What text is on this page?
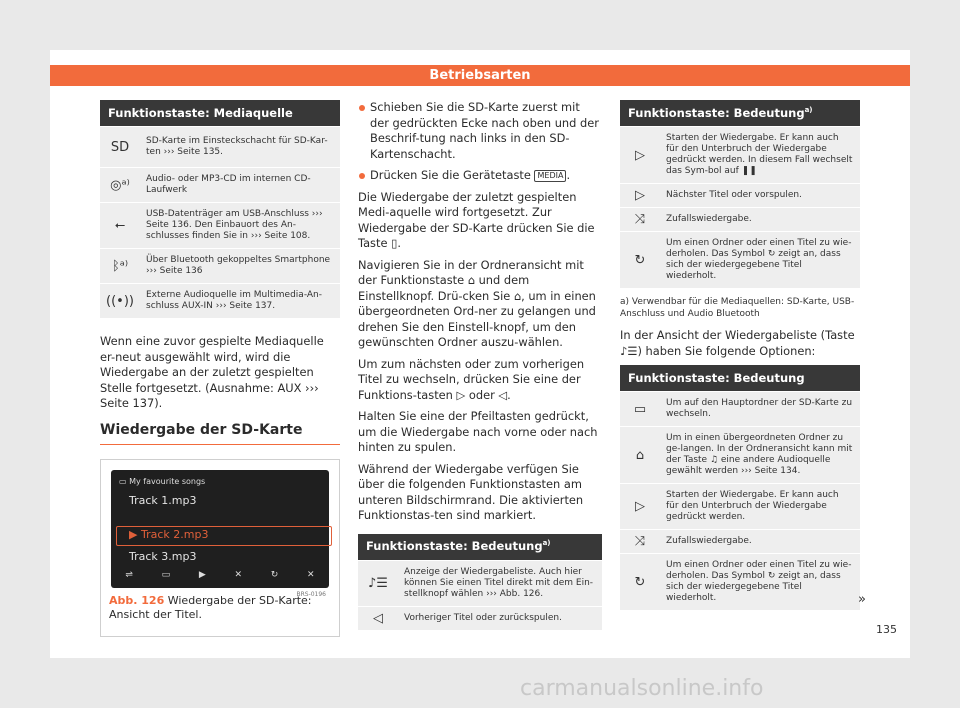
Betriebsarten
Funktionstaste: Mediaquelle	
SD	SD-Karte im Einsteckschacht für SD-Kar-ten ››› Seite 135.
◎ᵃ⁾	Audio- oder MP3-CD im internen CD-Laufwerk
⭠	USB-Datenträger am USB-Anschluss ››› Seite 136. Den Einbauort des An-schlusses finden Sie in ››› Seite 108.
ᛒᵃ⁾	Über Bluetooth gekoppeltes Smartphone ››› Seite 136
((•))	Externe Audioquelle im Multimedia-An-schluss AUX-IN ››› Seite 137.

Wenn eine zuvor gespielte Mediaquelle er-neut ausgewählt wird, wird die Wiedergabe an der zuletzt gespielten Stelle fortgesetzt. (Ausnahme: AUX ››› Seite 137).

Wiedergabe der SD-Karte
▭ My favourite songs
Track 1.mp3
▶ Track 2.mp3
Track 3.mp3
⇌	▭	▶	✕	↻	✕
BRS-0196
Abb. 126 Wiedergabe der SD-Karte: Ansicht der Titel.

Schieben Sie die SD-Karte zuerst mit der gedrückten Ecke nach oben und der Beschrif-tung nach links in den SD-Kartenschacht.

Drücken Sie die Gerätetaste MEDIA .

Die Wiedergabe der zuletzt gespielten Medi-aquelle wird fortgesetzt. Zur Wiedergabe der SD-Karte drücken Sie die Taste ▯.

Navigieren Sie in der Ordneransicht mit der Funktionstaste ⌂ und dem Einstellknopf. Drü-cken Sie ⌂, um in einen übergeordneten Ord-ner zu gelangen und drehen Sie den Einstell-knopf, um den gewünschten Ordner auszu-wählen.

Um zum nächsten oder zum vorherigen Titel zu wechseln, drücken Sie eine der Funktions-tasten ▷ oder ◁.

Halten Sie eine der Pfeiltasten gedrückt, um die Wiedergabe nach vorne oder nach hinten zu spulen.

Während der Wiedergabe verfügen Sie über die folgenden Funktionstasten am unteren Bildschirmrand. Die aktivierten Funktionstas-ten sind markiert.

Funktionstaste: Bedeutung$^{a)}$
♪☰	Anzeige der Wiedergabeliste. Auch hier können Sie einen Titel direkt mit dem Ein-stellknopf wählen ››› Abb. 126.
◁	Vorheriger Titel oder zurückspulen.
Funktionstaste: Bedeutung$^{a)}$
▷	Starten der Wiedergabe. Er kann auch für den Unterbruch der Wiedergabe gedrückt werden. In diesem Fall wechselt das Sym-bol auf ❚❚
▷	Nächster Titel oder vorspulen.
⤨	Zufallswiedergabe.
↻	Um einen Ordner oder einen Titel zu wie-derholen. Das Symbol ↻ zeigt an, dass sich der wiedergegebene Titel wiederholt.
a) Verwendbar für die Mediaquellen: SD-Karte, USB-Anschluss und Audio Bluetooth

In der Ansicht der Wiedergabeliste (Taste ♪☰) haben Sie folgende Optionen:

Funktionstaste: Bedeutung	
▭	Um auf den Hauptordner der SD-Karte zu wechseln.
⌂	Um in einen übergeordneten Ordner zu ge-langen. In der Ordneransicht kann mit der Taste ♫ eine andere Audioquelle gewählt werden ››› Seite 134.
▷	Starten der Wiedergabe. Er kann auch für den Unterbruch der Wiedergabe gedrückt werden.
⤨	Zufallswiedergabe.
↻	Um einen Ordner oder einen Titel zu wie-derholen. Das Symbol ↻ zeigt an, dass sich der wiedergegebene Titel wiederholt.	»
135
carmanualsonline.info
